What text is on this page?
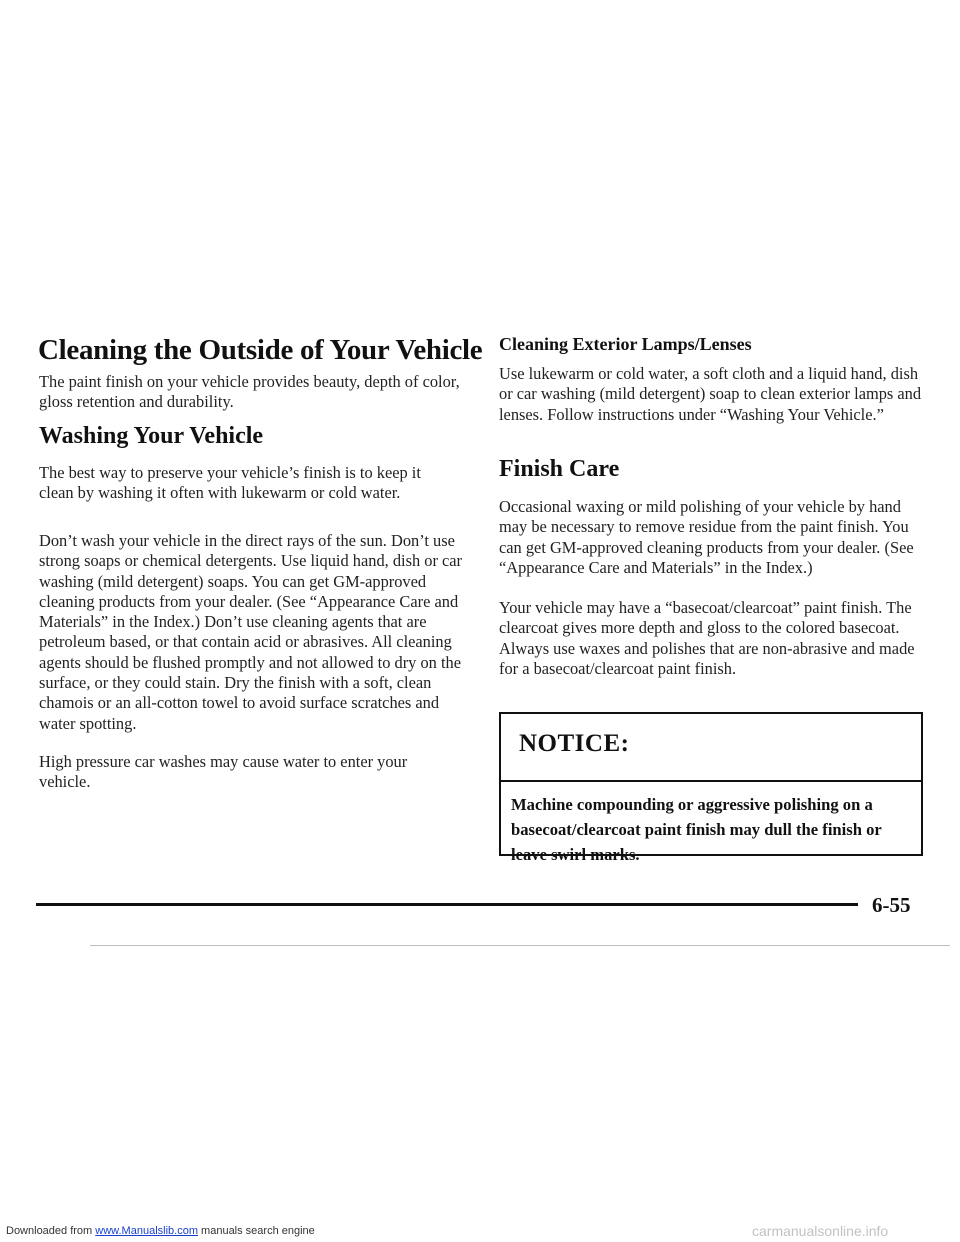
Cleaning the Outside of Your Vehicle

The paint finish on your vehicle provides beauty, depth of color, gloss retention and durability.

Washing Your Vehicle

The best way to preserve your vehicle’s finish is to keep it clean by washing it often with lukewarm or cold water.

Don’t wash your vehicle in the direct rays of the sun. Don’t use strong soaps or chemical detergents. Use liquid hand, dish or car washing (mild detergent) soaps. You can get GM-approved cleaning products from your dealer. (See “Appearance Care and Materials” in the Index.) Don’t use cleaning agents that are petroleum based, or that contain acid or abrasives. All cleaning agents should be flushed promptly and not allowed to dry on the surface, or they could stain. Dry the finish with a soft, clean chamois or an all-cotton towel to avoid surface scratches and water spotting.

High pressure car washes may cause water to enter your vehicle.

Cleaning Exterior Lamps/Lenses

Use lukewarm or cold water, a soft cloth and a liquid hand, dish or car washing (mild detergent) soap to clean exterior lamps and lenses. Follow instructions under “Washing Your Vehicle.”

Finish Care

Occasional waxing or mild polishing of your vehicle by hand may be necessary to remove residue from the paint finish. You can get GM-approved cleaning products from your dealer. (See “Appearance Care and Materials” in the Index.)

Your vehicle may have a “basecoat/clearcoat” paint finish. The clearcoat gives more depth and gloss to the colored basecoat. Always use waxes and polishes that are non-abrasive and made for a basecoat/clearcoat paint finish.

NOTICE:
Machine compounding or aggressive polishing on a basecoat/clearcoat paint finish may dull the finish or leave swirl marks.
6-55
Downloaded from www.Manualslib.com manuals search engine	carmanualsonline.info
